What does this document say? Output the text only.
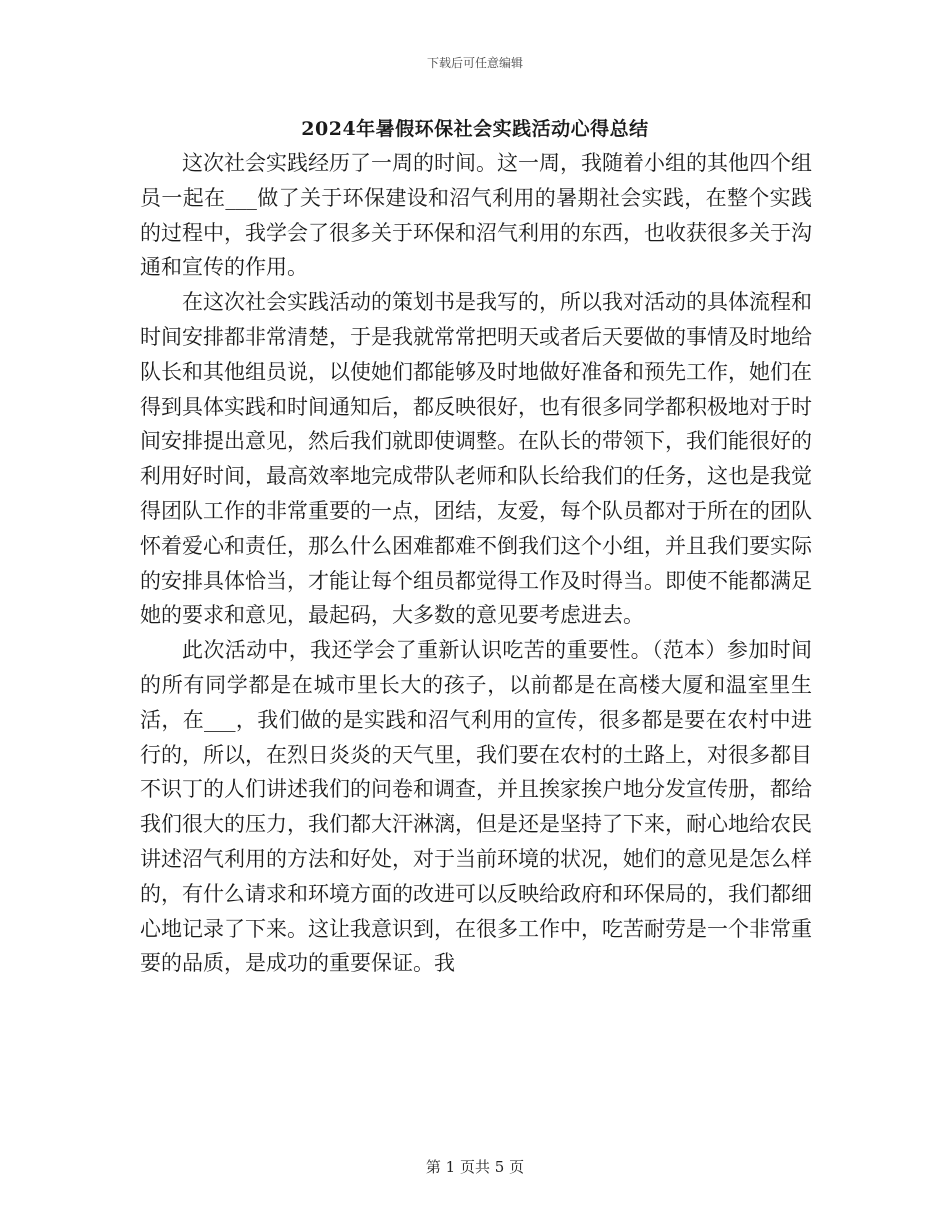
下载后可任意编辑
2024年暑假环保社会实践活动心得总结

这次社会实践经历了一周的时间。这一周，我随着小组的其他四个组员一起在___做了关于环保建设和沼气利用的暑期社会实践，在整个实践的过程中，我学会了很多关于环保和沼气利用的东西，也收获很多关于沟通和宣传的作用。

在这次社会实践活动的策划书是我写的，所以我对活动的具体流程和时间安排都非常清楚，于是我就常常把明天或者后天要做的事情及时地给队长和其他组员说，以使她们都能够及时地做好准备和预先工作，她们在得到具体实践和时间通知后，都反映很好，也有很多同学都积极地对于时间安排提出意见，然后我们就即使调整。在队长的带领下，我们能很好的利用好时间，最高效率地完成带队老师和队长给我们的任务，这也是我觉得团队工作的非常重要的一点，团结，友爱，每个队员都对于所在的团队怀着爱心和责任，那么什么困难都难不倒我们这个小组，并且我们要实际的安排具体恰当，才能让每个组员都觉得工作及时得当。即使不能都满足她的要求和意见，最起码，大多数的意见要考虑进去。

此次活动中，我还学会了重新认识吃苦的重要性。（范本）参加时间的所有同学都是在城市里长大的孩子，以前都是在高楼大厦和温室里生活，在___，我们做的是实践和沼气利用的宣传，很多都是要在农村中进行的，所以，在烈日炎炎的天气里，我们要在农村的土路上，对很多都目不识丁的人们讲述我们的问卷和调查，并且挨家挨户地分发宣传册，都给我们很大的压力，我们都大汗淋漓，但是还是坚持了下来，耐心地给农民讲述沼气利用的方法和好处，对于当前环境的状况，她们的意见是怎么样的，有什么请求和环境方面的改进可以反映给政府和环保局的，我们都细心地记录了下来。这让我意识到，在很多工作中，吃苦耐劳是一个非常重要的品质，是成功的重要保证。我

第 1 页共 5 页
